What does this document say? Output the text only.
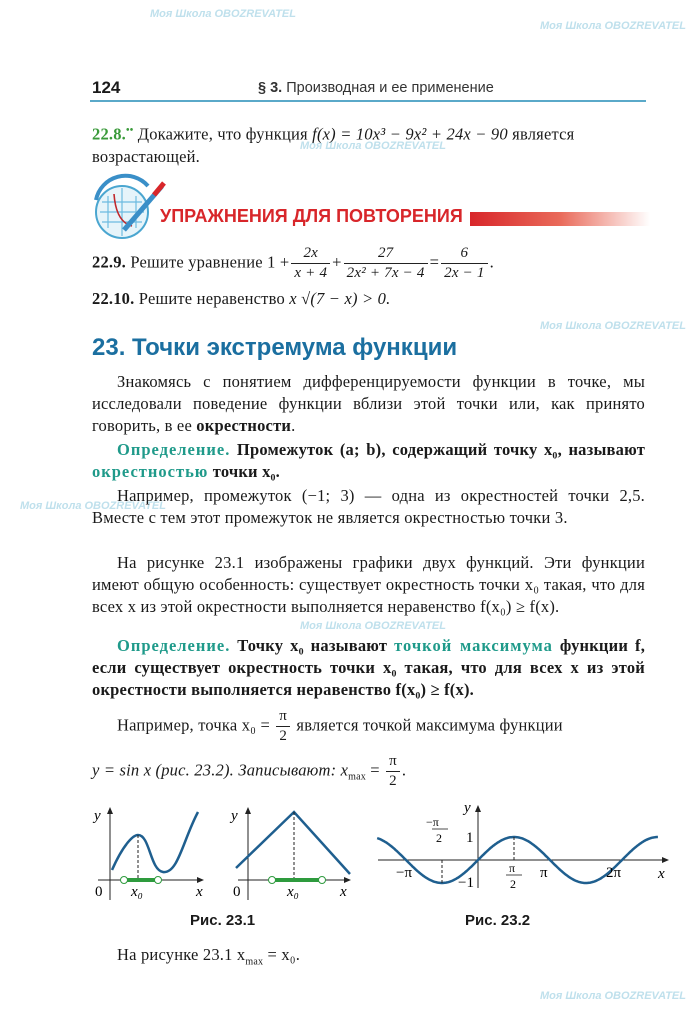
Моя Школа OBOZREVATEL
Моя Школа OBOZREVATEL
Моя Школа OBOZREVATEL
Моя Школа OBOZREVATEL
Моя Школа OBOZREVATEL
Моя Школа OBOZREVATEL
Моя Школа OBOZREVATEL
124	§ 3. Производная и ее применение
22.8.•• Докажите, что функция f(x) = 10x³ − 9x² + 24x − 90 является возрастающей.
УПРАЖНЕНИЯ ДЛЯ ПОВТОРЕНИЯ
22.9. Решите уравнение $1 + \frac{2x}{x + 4} + \frac{27}{\text{2x² + 7x − 4}} = \frac{6}{2x - 1}$ .
22.10. Решите неравенство x √(7 − x) > 0.
23. Точки экстремума функции
Знакомясь с понятием дифференцируемости функции в точке, мы исследовали поведение функции вблизи этой точки или, как принято говорить, в ее окрестности.
Определение. Промежуток (a; b), содержащий точку x₀, называют окрестностью точки x₀.
Например, промежуток (−1; 3) — одна из окрестностей точки 2,5. Вместе с тем этот промежуток не является окрестностью точки 3.
На рисунке 23.1 изображены графики двух функций. Эти функции имеют общую особенность: существует окрестность точки x₀ такая, что для всех x из этой окрестности выполняется неравенство f(x₀) ≥ f(x).
Определение. Точку x₀ называют точкой максимума функции f, если существует окрестность точки x₀ такая, что для всех x из этой окрестности выполняется неравенство f(x₀) ≥ f(x).
Например, точка $x_0 = \frac{\pi}{2}$ является точкой максимума функции
y = sin x (рис. 23.2). Записывают: $x_{max} = \frac{\pi}{2}$ .
y
x
0 x₀
y
x
0	x₀
y
x
1
−1
−π	π	2π
π
2
−π
2
Рис. 23.1	Рис. 23.2
На рисунке 23.1 $x_{max} = x_0$.
